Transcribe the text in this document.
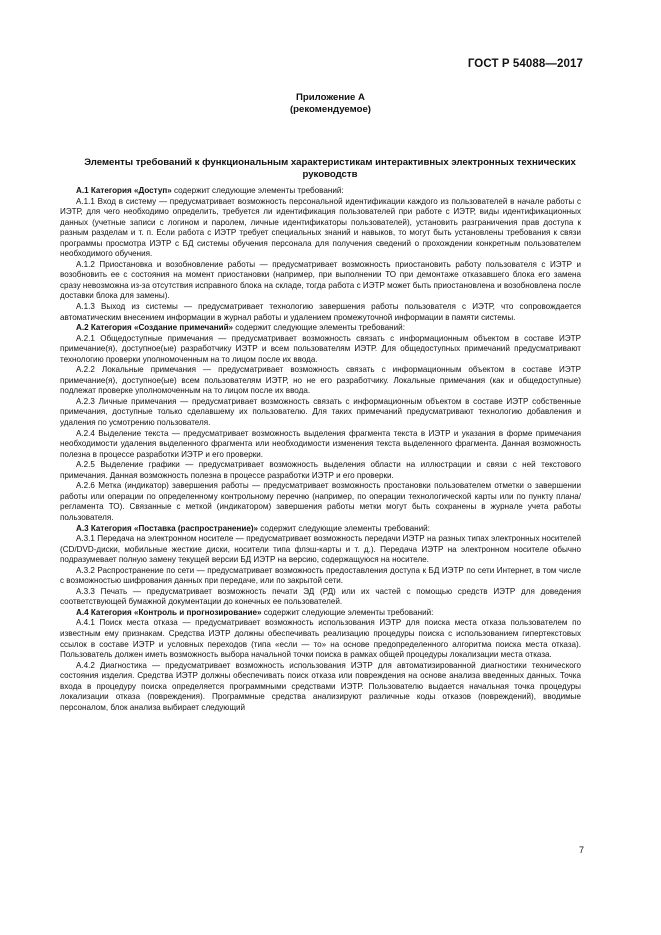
ГОСТ Р 54088—2017
Приложение А
(рекомендуемое)
Элементы требований к функциональным характеристикам интерактивных электронных технических руководств

А.1 Категория «Доступ» содержит следующие элементы требований:

А.1.1 Вход в систему — предусматривает возможность персональной идентификации каждого из пользователей в начале работы с ИЭТР, для чего необходимо определить, требуется ли идентификация пользователей при работе с ИЭТР, виды идентификационных данных (учетные записи с логином и паролем, личные идентификаторы пользователей), установить разграничения прав доступа к разным разделам и т. п. Если работа с ИЭТР требует специальных знаний и навыков, то могут быть установлены требования к связи программы просмотра ИЭТР с БД системы обучения персонала для получения сведений о прохождении конкретным пользователем необходимого обучения.

А.1.2 Приостановка и возобновление работы — предусматривает возможность приостановить работу пользователя с ИЭТР и возобновить ее с состояния на момент приостановки (например, при выполнении ТО при демонтаже отказавшего блока его замена сразу невозможна из-за отсутствия исправного блока на складе, тогда работа с ИЭТР может быть приостановлена и возобновлена после доставки блока для замены).

А.1.3 Выход из системы — предусматривает технологию завершения работы пользователя с ИЭТР, что сопровождается автоматическим внесением информации в журнал работы и удалением промежуточной информации в памяти системы.

А.2 Категория «Создание примечаний» содержит следующие элементы требований:

А.2.1 Общедоступные примечания — предусматривает возможность связать с информационным объектом в составе ИЭТР примечание(я), доступное(ые) разработчику ИЭТР и всем пользователям ИЭТР. Для общедоступных примечаний предусматривают технологию проверки уполномоченным на то лицом после их ввода.

А.2.2 Локальные примечания — предусматривает возможность связать с информационным объектом в составе ИЭТР примечание(я), доступное(ые) всем пользователям ИЭТР, но не его разработчику. Локальные примечания (как и общедоступные) подлежат проверке уполномоченным на то лицом после их ввода.

А.2.3 Личные примечания — предусматривает возможность связать с информационным объектом в составе ИЭТР собственные примечания, доступные только сделавшему их пользователю. Для таких примечаний предусматривают технологию добавления и удаления по усмотрению пользователя.

А.2.4 Выделение текста — предусматривает возможность выделения фрагмента текста в ИЭТР и указания в форме примечания необходимости удаления выделенного фрагмента или необходимости изменения текста выделенного фрагмента. Данная возможность полезна в процессе разработки ИЭТР и его проверки.

А.2.5 Выделение графики — предусматривает возможность выделения области на иллюстрации и связи с ней текстового примечания. Данная возможность полезна в процессе разработки ИЭТР и его проверки.

А.2.6 Метка (индикатор) завершения работы — предусматривает возможность простановки пользователем отметки о завершении работы или операции по определенному контрольному перечню (например, по операции технологической карты или по пункту плана/регламента ТО). Связанные с меткой (индикатором) завершения работы метки могут быть сохранены в журнале учета работы пользователя.

А.3 Категория «Поставка (распространение)» содержит следующие элементы требований:

А.3.1 Передача на электронном носителе — предусматривает возможность передачи ИЭТР на разных типах электронных носителей (CD/DVD-диски, мобильные жесткие диски, носители типа флэш-карты и т. д.). Передача ИЭТР на электронном носителе обычно подразумевает полную замену текущей версии БД ИЭТР на версию, содержащуюся на носителе.

А.3.2 Распространение по сети — предусматривает возможность предоставления доступа к БД ИЭТР по сети Интернет, в том числе с возможностью шифрования данных при передаче, или по закрытой сети.

А.3.3 Печать — предусматривает возможность печати ЭД (РД) или их частей с помощью средств ИЭТР для доведения соответствующей бумажной документации до конечных ее пользователей.

А.4 Категория «Контроль и прогнозирование» содержит следующие элементы требований:

А.4.1 Поиск места отказа — предусматривает возможность использования ИЭТР для поиска места отказа пользователем по известным ему признакам. Средства ИЭТР должны обеспечивать реализацию процедуры поиска с использованием гипертекстовых ссылок в составе ИЭТР и условных переходов (типа «если — то» на основе предопределенного алгоритма поиска места отказа). Пользователь должен иметь возможность выбора начальной точки поиска в рамках общей процедуры локализации места отказа.

А.4.2 Диагностика — предусматривает возможность использования ИЭТР для автоматизированной диагностики технического состояния изделия. Средства ИЭТР должны обеспечивать поиск отказа или повреждения на основе анализа введенных данных. Точка входа в процедуру поиска определяется программными средствами ИЭТР. Пользователю выдается начальная точка процедуры локализации отказа (повреждения). Программные средства анализируют различные коды отказов (повреждений), вводимые персоналом, блок анализа выбирает следующий

7
